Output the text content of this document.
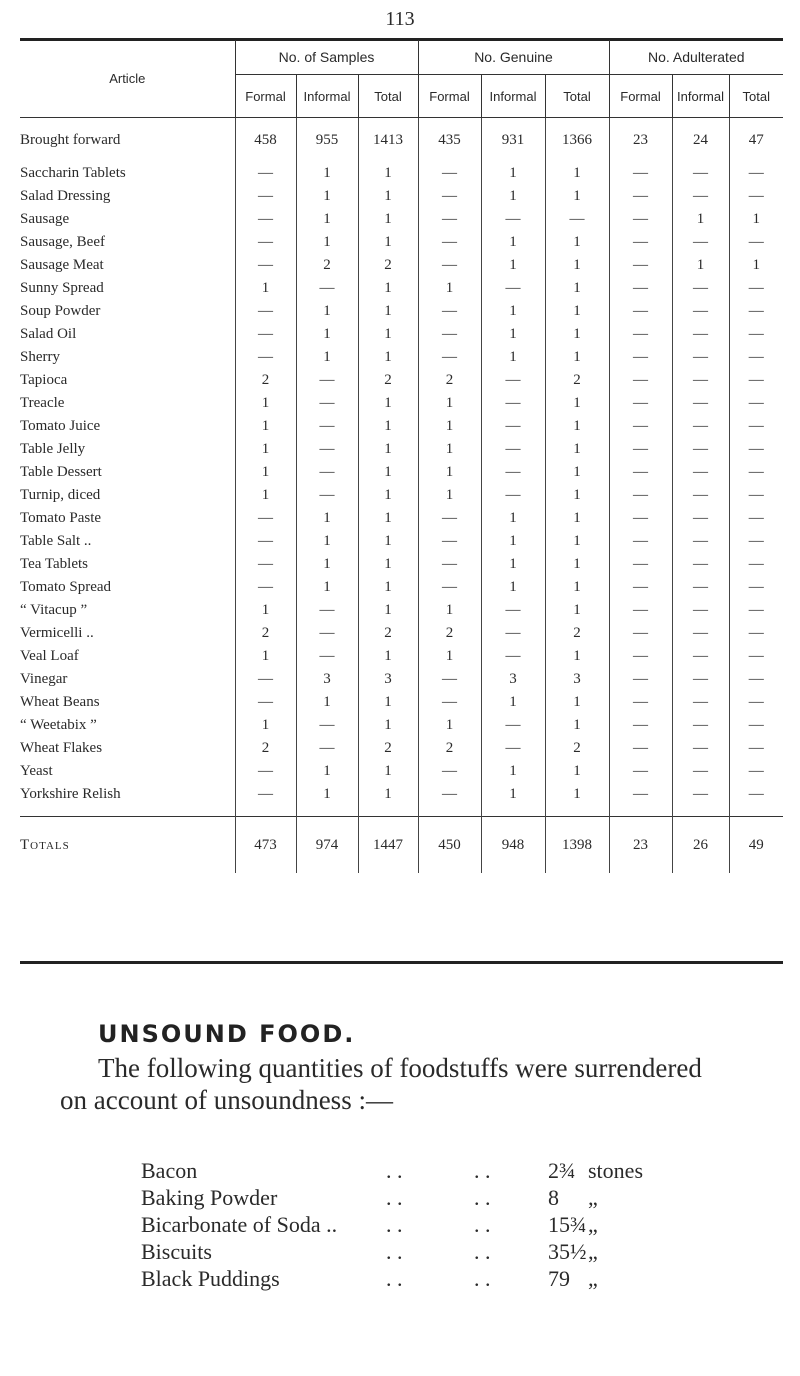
113
Article	No. of Samples			No. Genuine			No. Adulterated		
	Formal	Informal	Total	Formal	Informal	Total	Formal	Informal	Total
Brought forward	458	955	1413	435	931	1366	23	24	47
Saccharin Tablets	—	1	1	—	1	1	—	—	—
Salad Dressing	—	1	1	—	1	1	—	—	—
Sausage	—	1	1	—	—	—	—	1	1
Sausage, Beef	—	1	1	—	1	1	—	—	—
Sausage Meat	—	2	2	—	1	1	—	1	1
Sunny Spread	1	—	1	1	—	1	—	—	—
Soup Powder	—	1	1	—	1	1	—	—	—
Salad Oil	—	1	1	—	1	1	—	—	—
Sherry	—	1	1	—	1	1	—	—	—
Tapioca	2	—	2	2	—	2	—	—	—
Treacle	1	—	1	1	—	1	—	—	—
Tomato Juice	1	—	1	1	—	1	—	—	—
Table Jelly	1	—	1	1	—	1	—	—	—
Table Dessert	1	—	1	1	—	1	—	—	—
Turnip, diced	1	—	1	1	—	1	—	—	—
Tomato Paste	—	1	1	—	1	1	—	—	—
Table Salt ..	—	1	1	—	1	1	—	—	—
Tea Tablets	—	1	1	—	1	1	—	—	—
Tomato Spread	—	1	1	—	1	1	—	—	—
“ Vitacup ”	1	—	1	1	—	1	—	—	—
Vermicelli ..	2	—	2	2	—	2	—	—	—
Veal Loaf	1	—	1	1	—	1	—	—	—
Vinegar	—	3	3	—	3	3	—	—	—
Wheat Beans	—	1	1	—	1	1	—	—	—
“ Weetabix ”	1	—	1	1	—	1	—	—	—
Wheat Flakes	2	—	2	2	—	2	—	—	—
Yeast	—	1	1	—	1	1	—	—	—
Yorkshire Relish	—	1	1	—	1	1	—	—	—

Totals	473	974	1447	450	948	1398	23	26	49
UNSOUND FOOD.
The following quantities of foodstuffs were surrendered
on account of unsoundness :—
Bacon	. .	. .	2¾ stones
Baking Powder	. .	. .	8 „
Bicarbonate of Soda .. . .	. .	15¾ „
Biscuits	. .	. .	35½ „
Black Puddings	. .	. .	79 „
